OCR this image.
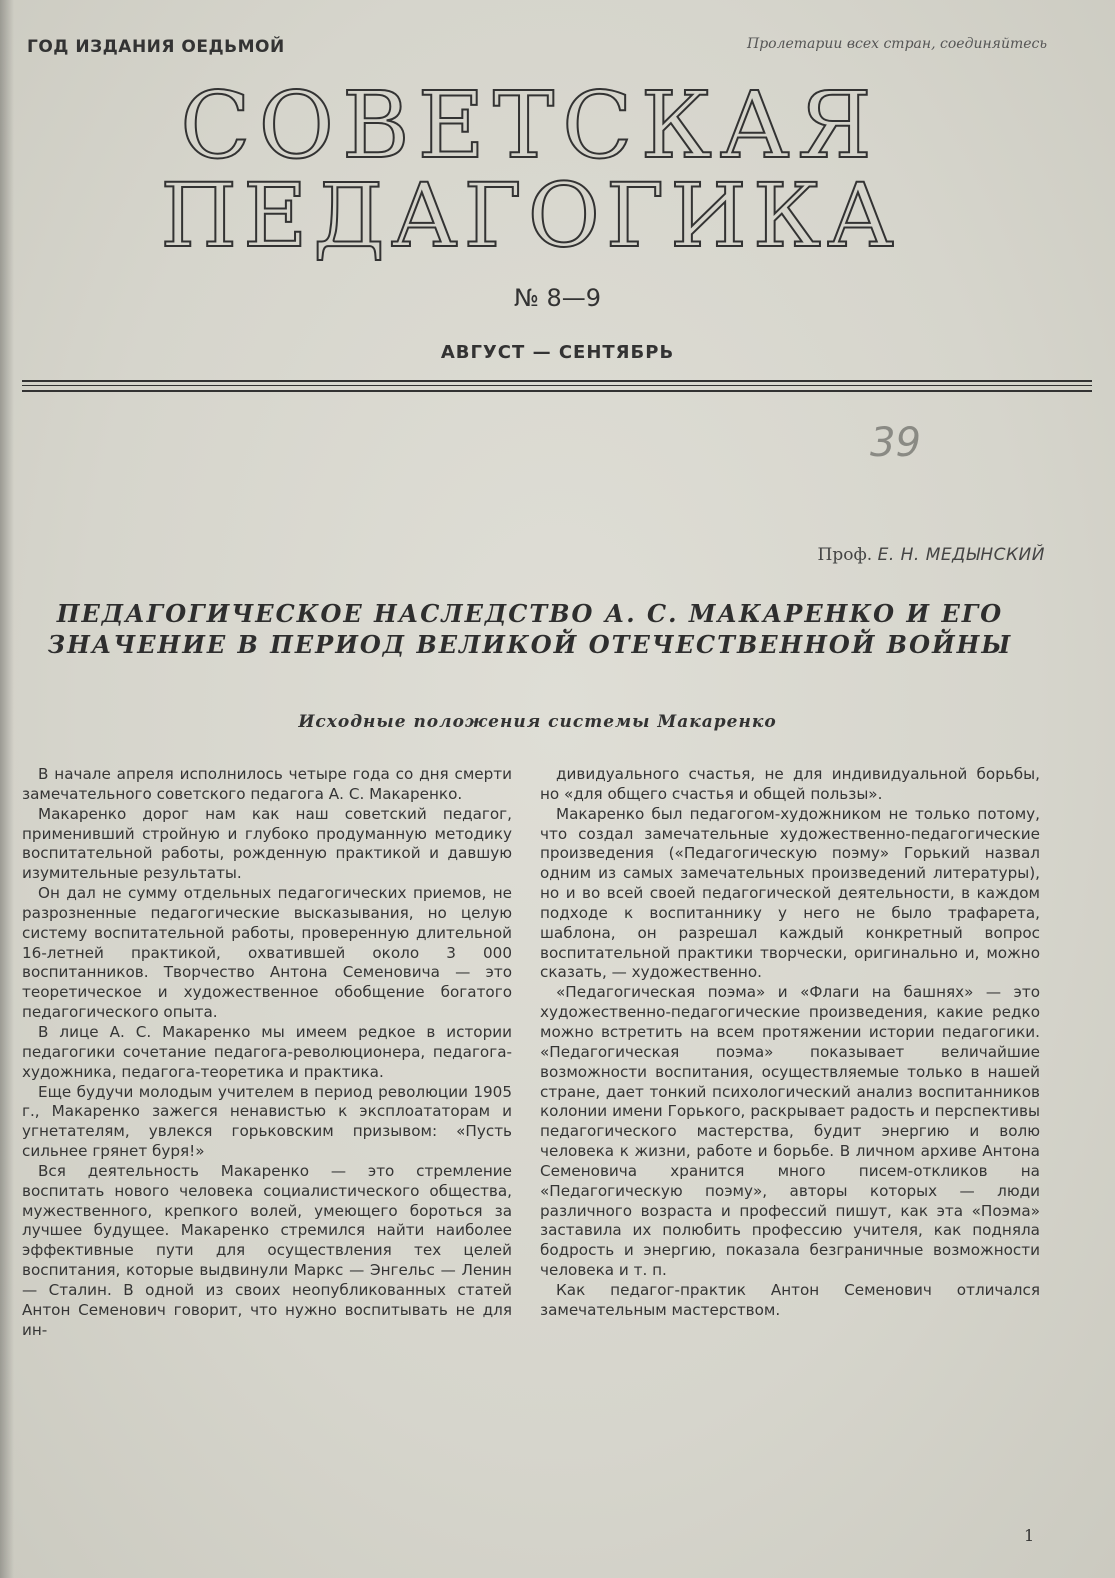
ГОД ИЗДАНИЯ ОЕДЬМОЙ	Пролетарии всех стран, соединяйтесь
СОВЕТСКАЯ
ПЕДАГОГИКА
№ 8—9
АВГУСТ — СЕНТЯБРЬ
39
Проф. Е. Н. МЕДЫНСКИЙ
ПЕДАГОГИЧЕСКОЕ НАСЛЕДСТВО А. С. МАКАРЕНКО И ЕГО ЗНАЧЕНИЕ В ПЕРИОД ВЕЛИКОЙ ОТЕЧЕСТВЕННОЙ ВОЙНЫ
Исходные положения системы Макаренко

В начале апреля исполнилось четыре года со дня смерти замечательного советского педагога А. С. Макаренко.

Макаренко дорог нам как наш советский педагог, применивший стройную и глубоко продуманную методику воспитательной работы, рожденную практикой и давшую изумительные результаты.

Он дал не сумму отдельных педагогических приемов, не разрозненные педагогические высказывания, но целую систему воспитательной работы, проверенную длительной 16-летней практикой, охватившей около 3 000 воспитанников. Творчество Антона Семеновича — это теоретическое и художественное обобщение богатого педагогического опыта.

В лице А. С. Макаренко мы имеем редкое в истории педагогики сочетание педагога-революционера, педагога-художника, педагога-теоретика и практика.

Еще будучи молодым учителем в период революции 1905 г., Макаренко зажегся ненавистью к эксплоататорам и угнетателям, увлекся горьковским призывом: «Пусть сильнее грянет буря!»

Вся деятельность Макаренко — это стремление воспитать нового человека социалистического общества, мужественного, крепкого волей, умеющего бороться за лучшее будущее. Макаренко стремился найти наиболее эффективные пути для осуществления тех целей воспитания, которые выдвинули Маркс — Энгельс — Ленин — Сталин. В одной из своих неопубликованных статей Антон Семенович говорит, что нужно воспитывать не для ин-

дивидуального счастья, не для индивидуальной борьбы, но «для общего счастья и общей пользы».

Макаренко был педагогом-художником не только потому, что создал замечательные художественно-педагогические произведения («Педагогическую поэму» Горький назвал одним из самых замечательных произведений литературы), но и во всей своей педагогической деятельности, в каждом подходе к воспитаннику у него не было трафарета, шаблона, он разрешал каждый конкретный вопрос воспитательной практики творчески, оригинально и, можно сказать, — художественно.

«Педагогическая поэма» и «Флаги на башнях» — это художественно-педагогические произведения, какие редко можно встретить на всем протяжении истории педагогики. «Педагогическая поэма» показывает величайшие возможности воспитания, осуществляемые только в нашей стране, дает тонкий психологический анализ воспитанников колонии имени Горького, раскрывает радость и перспективы педагогического мастерства, будит энергию и волю человека к жизни, работе и борьбе. В личном архиве Антона Семеновича хранится много писем-откликов на «Педагогическую поэму», авторы которых — люди различного возраста и профессий пишут, как эта «Поэма» заставила их полюбить профессию учителя, как подняла бодрость и энергию, показала безграничные возможности человека и т. п.

Как педагог-практик Антон Семенович отличался замечательным мастерством.

1
